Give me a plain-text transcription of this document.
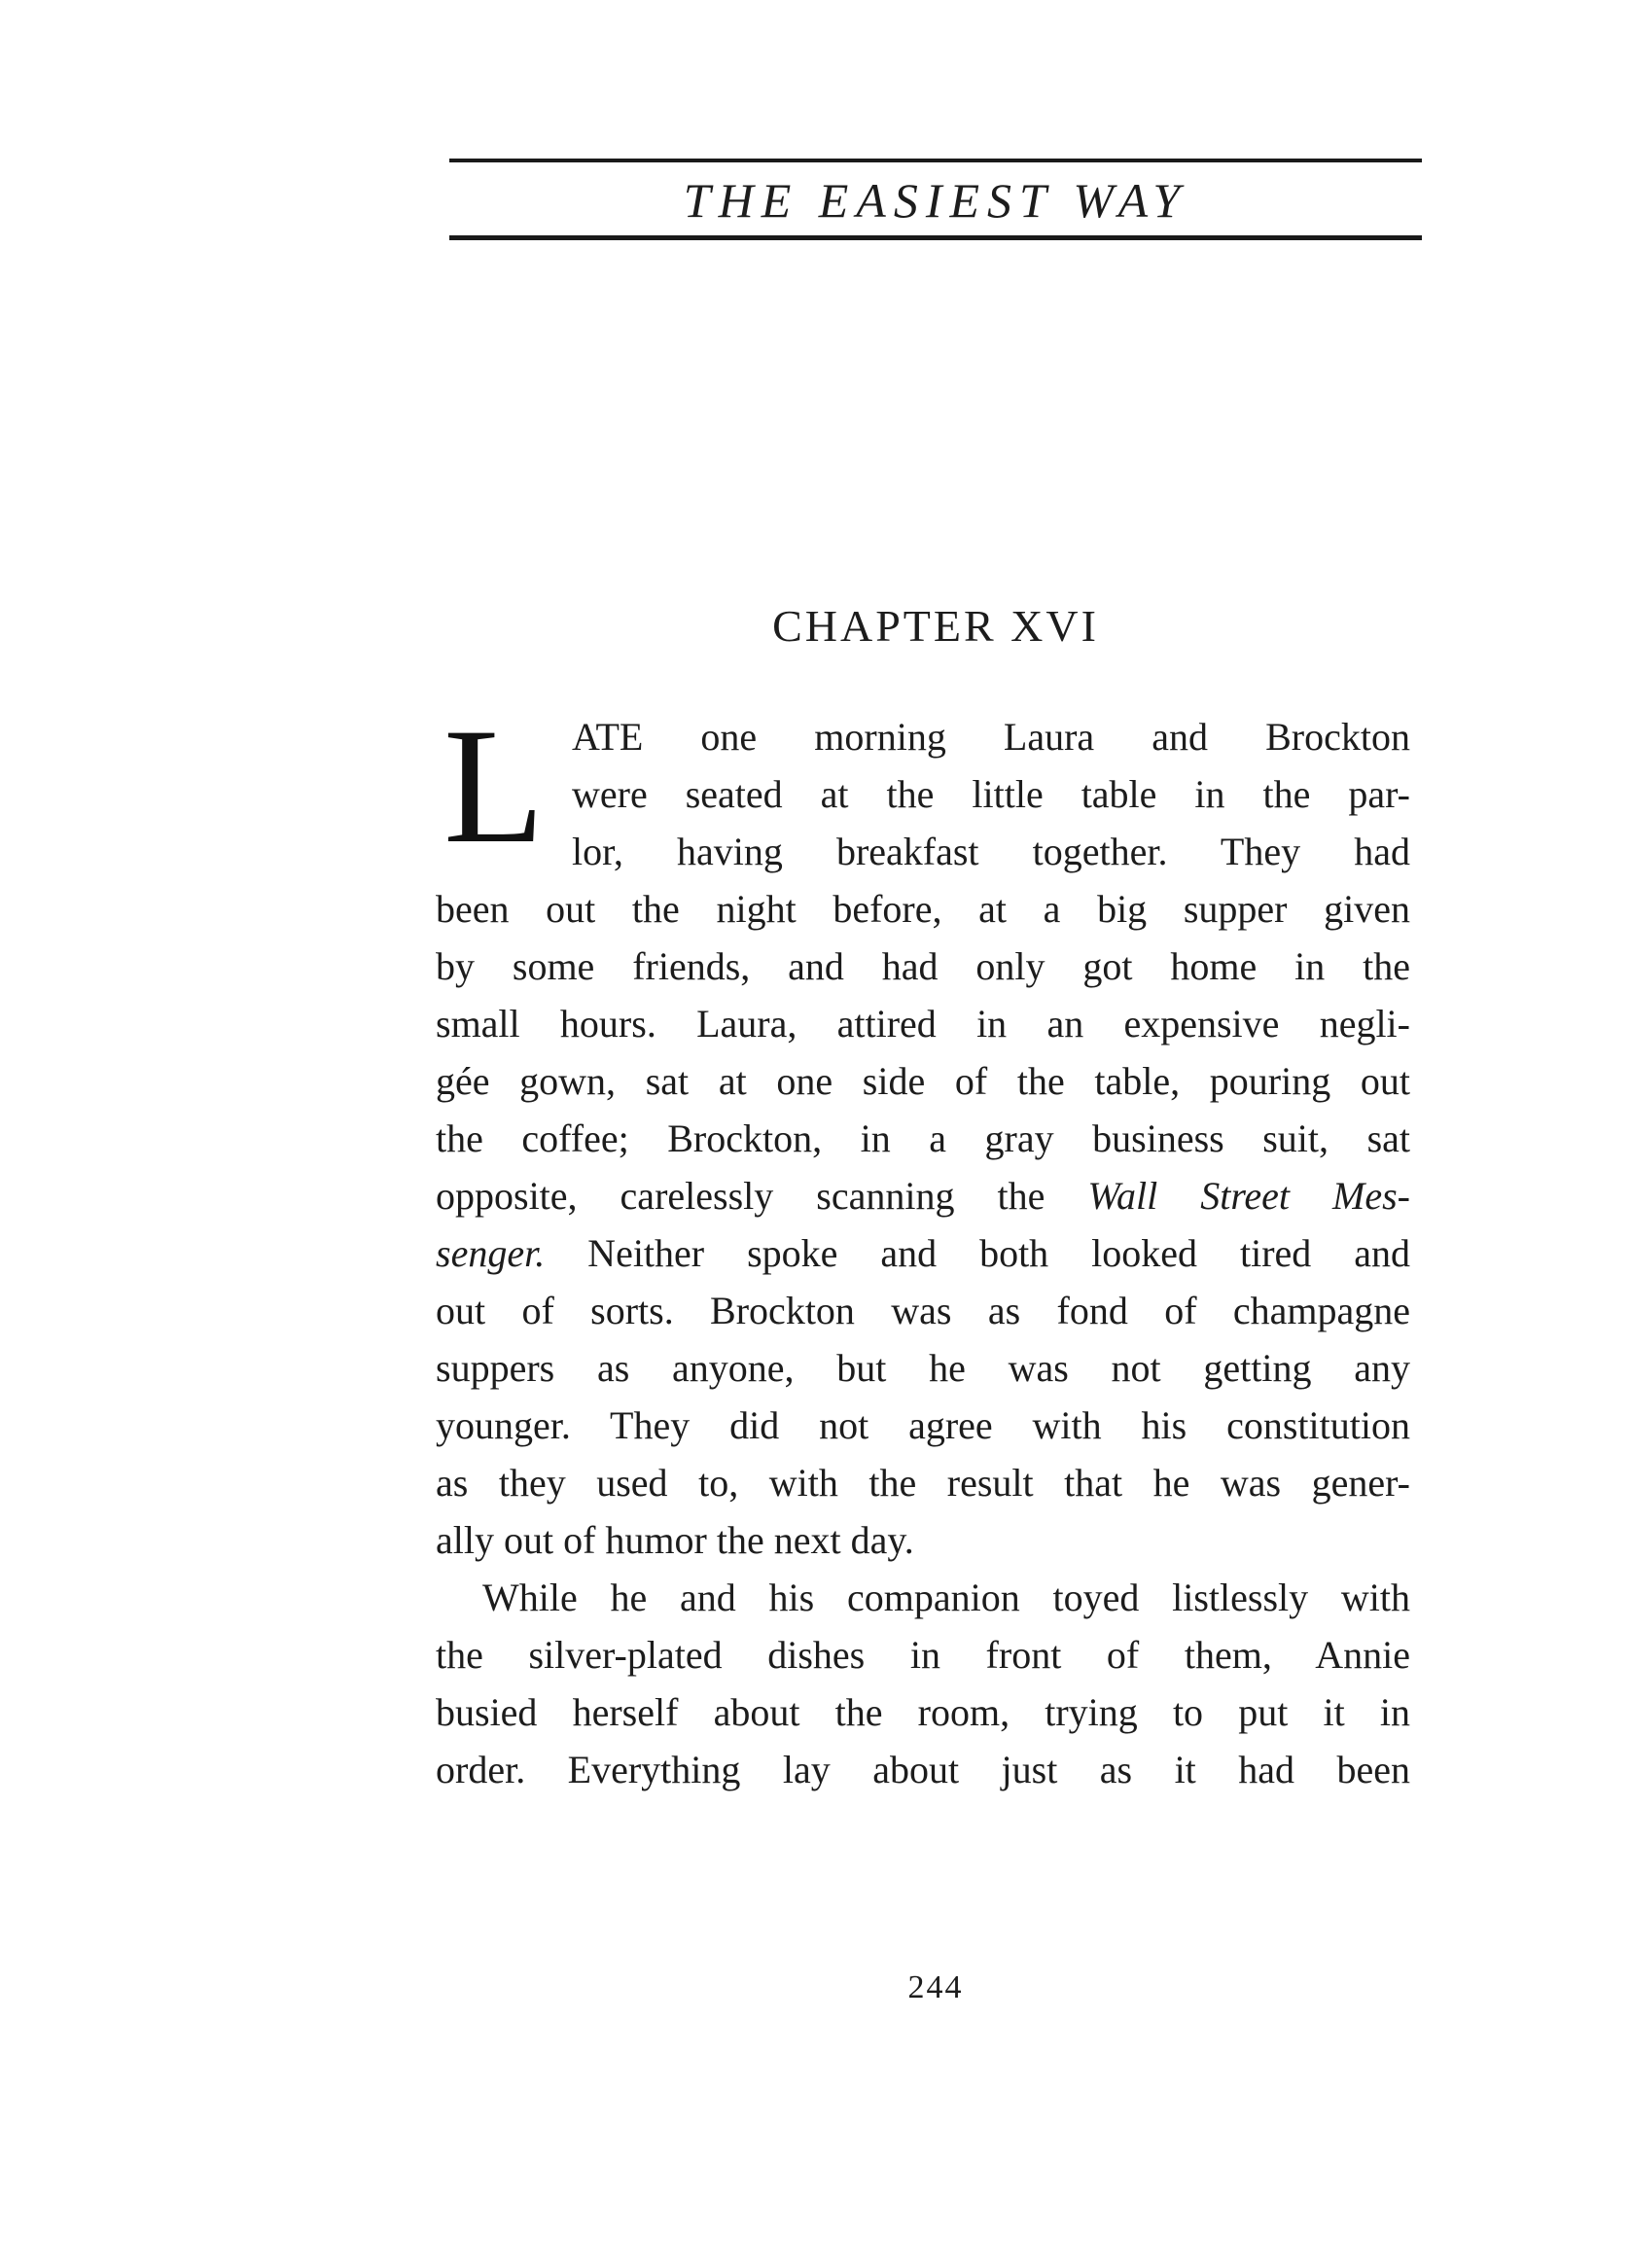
THE EASIEST WAY
CHAPTER XVI
L ATE one morning Laura and Brockton
were seated at the little table in the par-
lor, having breakfast together. They had
been out the night before, at a big supper given
by some friends, and had only got home in the
small hours. Laura, attired in an expensive negli-
gée gown, sat at one side of the table, pouring out
the coffee; Brockton, in a gray business suit, sat
opposite, carelessly scanning the Wall Street Mes-
senger. Neither spoke and both looked tired and
out of sorts. Brockton was as fond of champagne
suppers as anyone, but he was not getting any
younger. They did not agree with his constitution
as they used to, with the result that he was gener-
ally out of humor the next day.
While he and his companion toyed listlessly with
the silver-plated dishes in front of them, Annie
busied herself about the room, trying to put it in
order. Everything lay about just as it had been
244
